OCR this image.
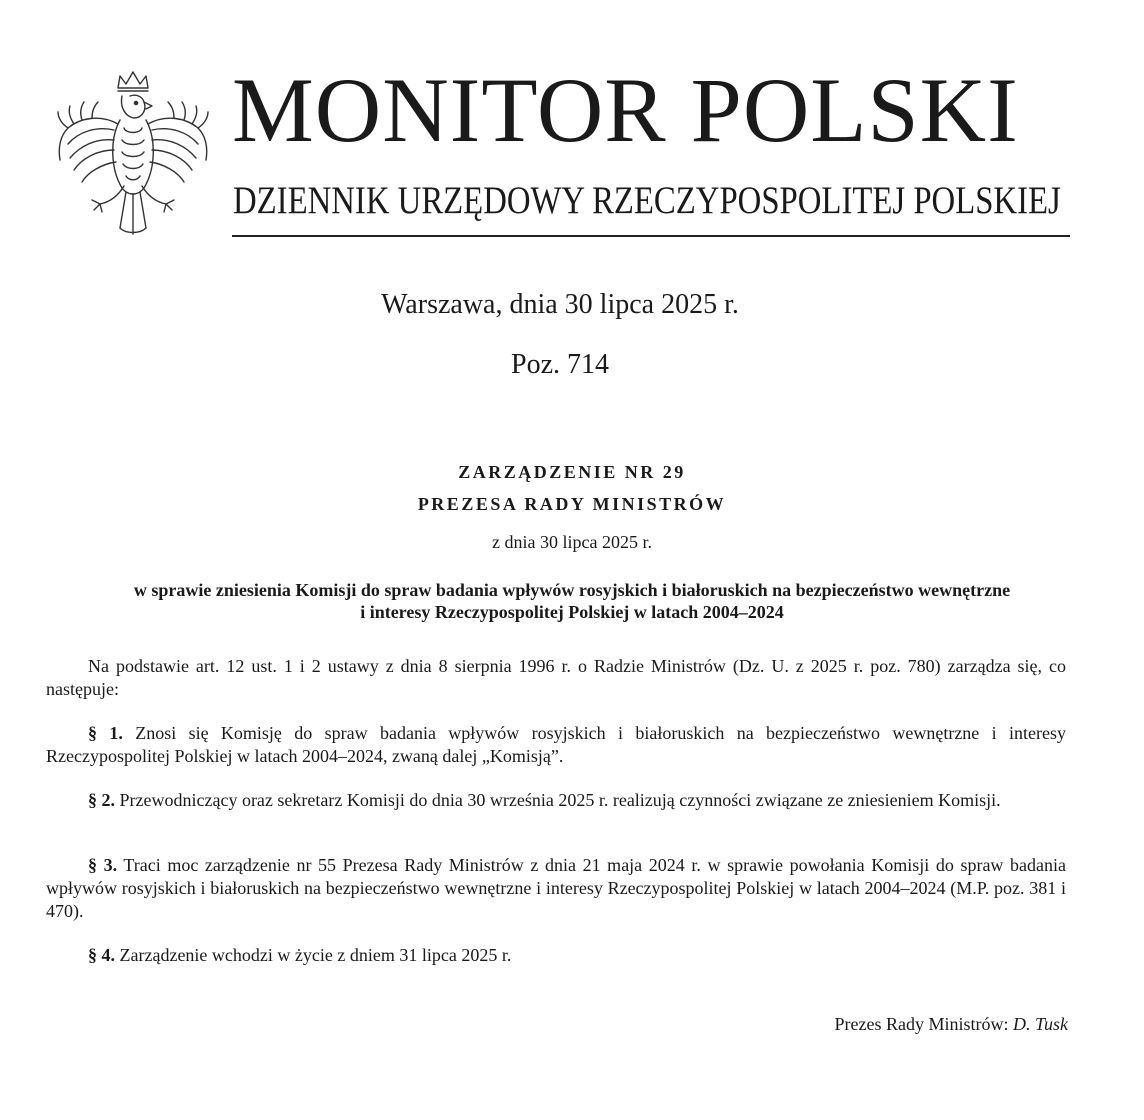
MONITOR POLSKI
DZIENNIK URZĘDOWY RZECZYPOSPOLITEJ POLSKIEJ
Warszawa, dnia 30 lipca 2025 r.
Poz. 714
ZARZĄDZENIE NR 29
PREZESA RADY MINISTRÓW
z dnia 30 lipca 2025 r.
w sprawie zniesienia Komisji do spraw badania wpływów rosyjskich i białoruskich na bezpieczeństwo wewnętrzne
i interesy Rzeczypospolitej Polskiej w latach 2004–2024

Na podstawie art. 12 ust. 1 i 2 ustawy z dnia 8 sierpnia 1996 r. o Radzie Ministrów (Dz. U. z 2025 r. poz. 780) zarządza się, co następuje:

§ 1. Znosi się Komisję do spraw badania wpływów rosyjskich i białoruskich na bezpieczeństwo wewnętrzne i interesy Rzeczypospolitej Polskiej w latach 2004–2024, zwaną dalej „Komisją”.

§ 2. Przewodniczący oraz sekretarz Komisji do dnia 30 września 2025 r. realizują czynności związane ze zniesieniem Komisji.

§ 3. Traci moc zarządzenie nr 55 Prezesa Rady Ministrów z dnia 21 maja 2024 r. w sprawie powołania Komisji do spraw badania wpływów rosyjskich i białoruskich na bezpieczeństwo wewnętrzne i interesy Rzeczypospolitej Polskiej w latach 2004–2024 (M.P. poz. 381 i 470).

§ 4. Zarządzenie wchodzi w życie z dniem 31 lipca 2025 r.

Prezes Rady Ministrów: D. Tusk
